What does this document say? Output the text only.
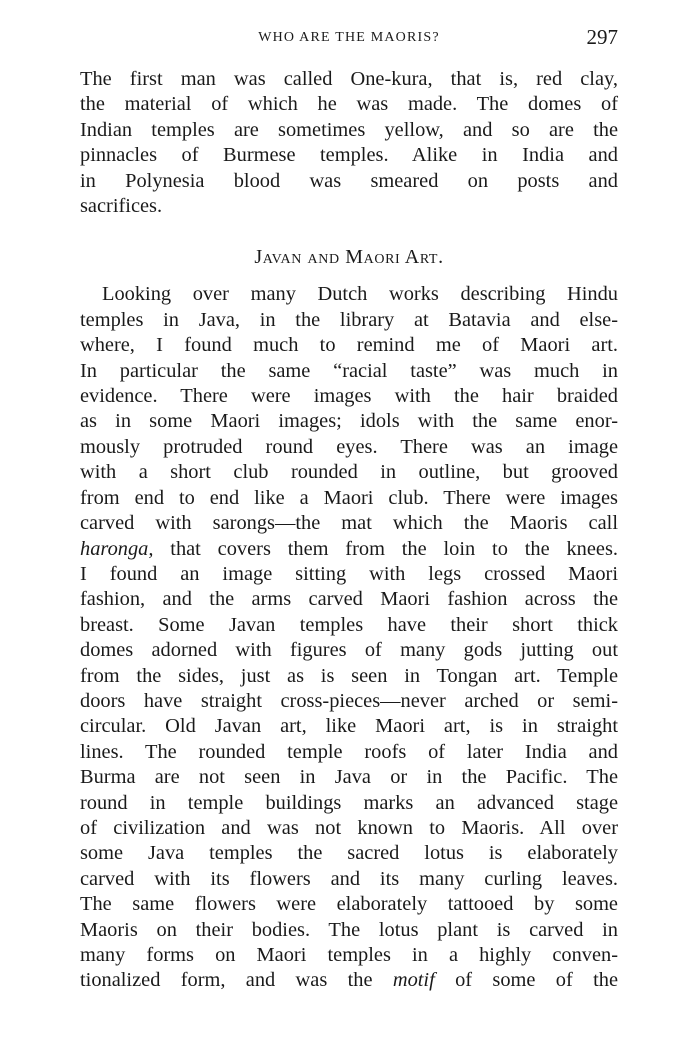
WHO ARE THE MAORIS?	297
The first man was called One-kura, that is, red clay,
the material of which he was made. The domes of
Indian temples are sometimes yellow, and so are the
pinnacles of Burmese temples. Alike in India and
in Polynesia blood was smeared on posts and
sacrifices.
Javan and Maori Art.
Looking over many Dutch works describing Hindu
temples in Java, in the library at Batavia and else-
where, I found much to remind me of Maori art.
In particular the same “racial taste” was much in
evidence. There were images with the hair braided
as in some Maori images; idols with the same enor-
mously protruded round eyes. There was an image
with a short club rounded in outline, but grooved
from end to end like a Maori club. There were images
carved with sarongs—the mat which the Maoris call
haronga, that covers them from the loin to the knees.
I found an image sitting with legs crossed Maori
fashion, and the arms carved Maori fashion across the
breast. Some Javan temples have their short thick
domes adorned with figures of many gods jutting out
from the sides, just as is seen in Tongan art. Temple
doors have straight cross-pieces—never arched or semi-
circular. Old Javan art, like Maori art, is in straight
lines. The rounded temple roofs of later India and
Burma are not seen in Java or in the Pacific. The
round in temple buildings marks an advanced stage
of civilization and was not known to Maoris. All over
some Java temples the sacred lotus is elaborately
carved with its flowers and its many curling leaves.
The same flowers were elaborately tattooed by some
Maoris on their bodies. The lotus plant is carved in
many forms on Maori temples in a highly conven-
tionalized form, and was the motif of some of the
